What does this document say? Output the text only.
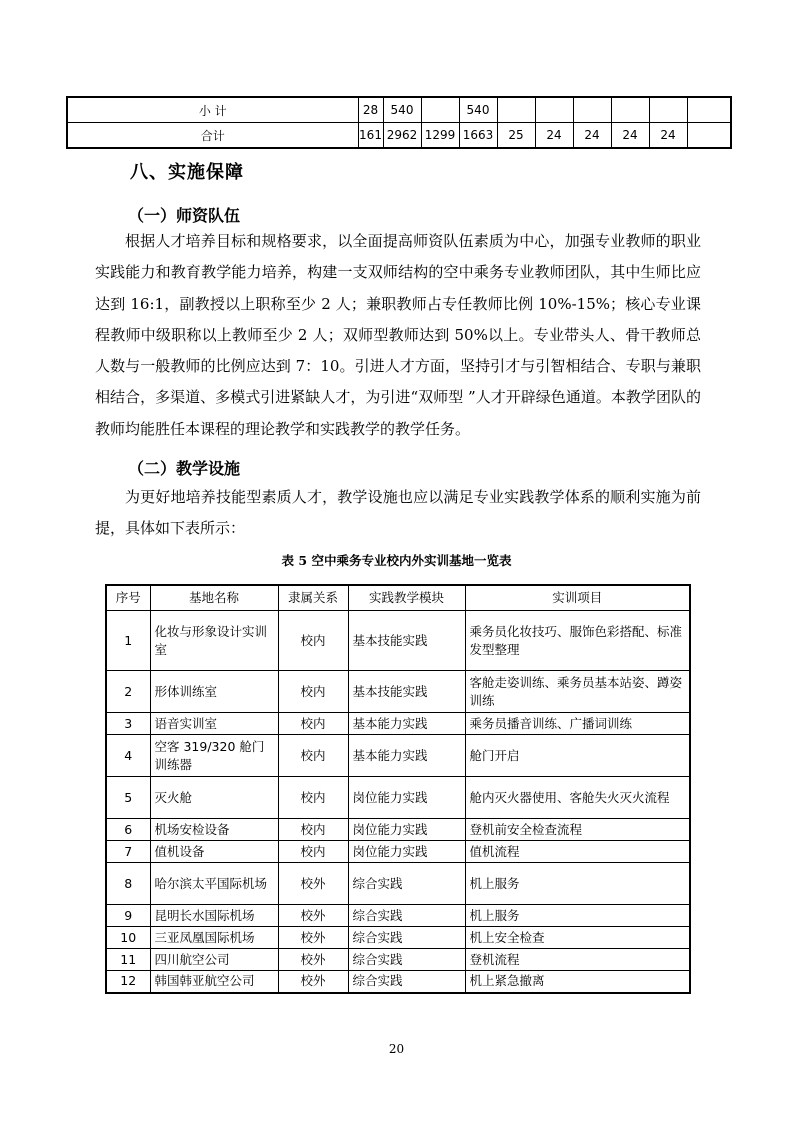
小 计	28	540		540						
合计	161	2962	1299	1663	25	24	24	24	24	
八、实施保障
（一）师资队伍

根据人才培养目标和规格要求，以全面提高师资队伍素质为中心，加强专业教师的职业实践能力和教育教学能力培养，构建一支双师结构的空中乘务专业教师团队，其中生师比应达到 16:1，副教授以上职称至少 2 人；兼职教师占专任教师比例 10%-15%；核心专业课程教师中级职称以上教师至少 2 人；双师型教师达到 50%以上。专业带头人、骨干教师总人数与一般教师的比例应达到 7：10。引进人才方面，坚持引才与引智相结合、专职与兼职相结合，多渠道、多模式引进紧缺人才，为引进“双师型 ”人才开辟绿色通道。本教学团队的教师均能胜任本课程的理论教学和实践教学的教学任务。

（二）教学设施

为更好地培养技能型素质人才，教学设施也应以满足专业实践教学体系的顺利实施为前提，具体如下表所示：

表 5 空中乘务专业校内外实训基地一览表

序号	基地名称	隶属关系	实践教学模块	实训项目
1	化妆与形象设计实训室	校内	基本技能实践	乘务员化妆技巧、服饰色彩搭配、标准发型整理
2	形体训练室	校内	基本技能实践	客舱走姿训练、乘务员基本站姿、蹲姿训练
3	语音实训室	校内	基本能力实践	乘务员播音训练、广播词训练
4	空客 319/320 舱门训练器	校内	基本能力实践	舱门开启
5	灭火舱	校内	岗位能力实践	舱内灭火器使用、客舱失火灭火流程
6	机场安检设备	校内	岗位能力实践	登机前安全检查流程
7	值机设备	校内	岗位能力实践	值机流程
8	哈尔滨太平国际机场	校外	综合实践	机上服务
9	昆明长水国际机场	校外	综合实践	机上服务
10	三亚凤凰国际机场	校外	综合实践	机上安全检查
11	四川航空公司	校外	综合实践	登机流程
12	韩国韩亚航空公司	校外	综合实践	机上紧急撤离
20
